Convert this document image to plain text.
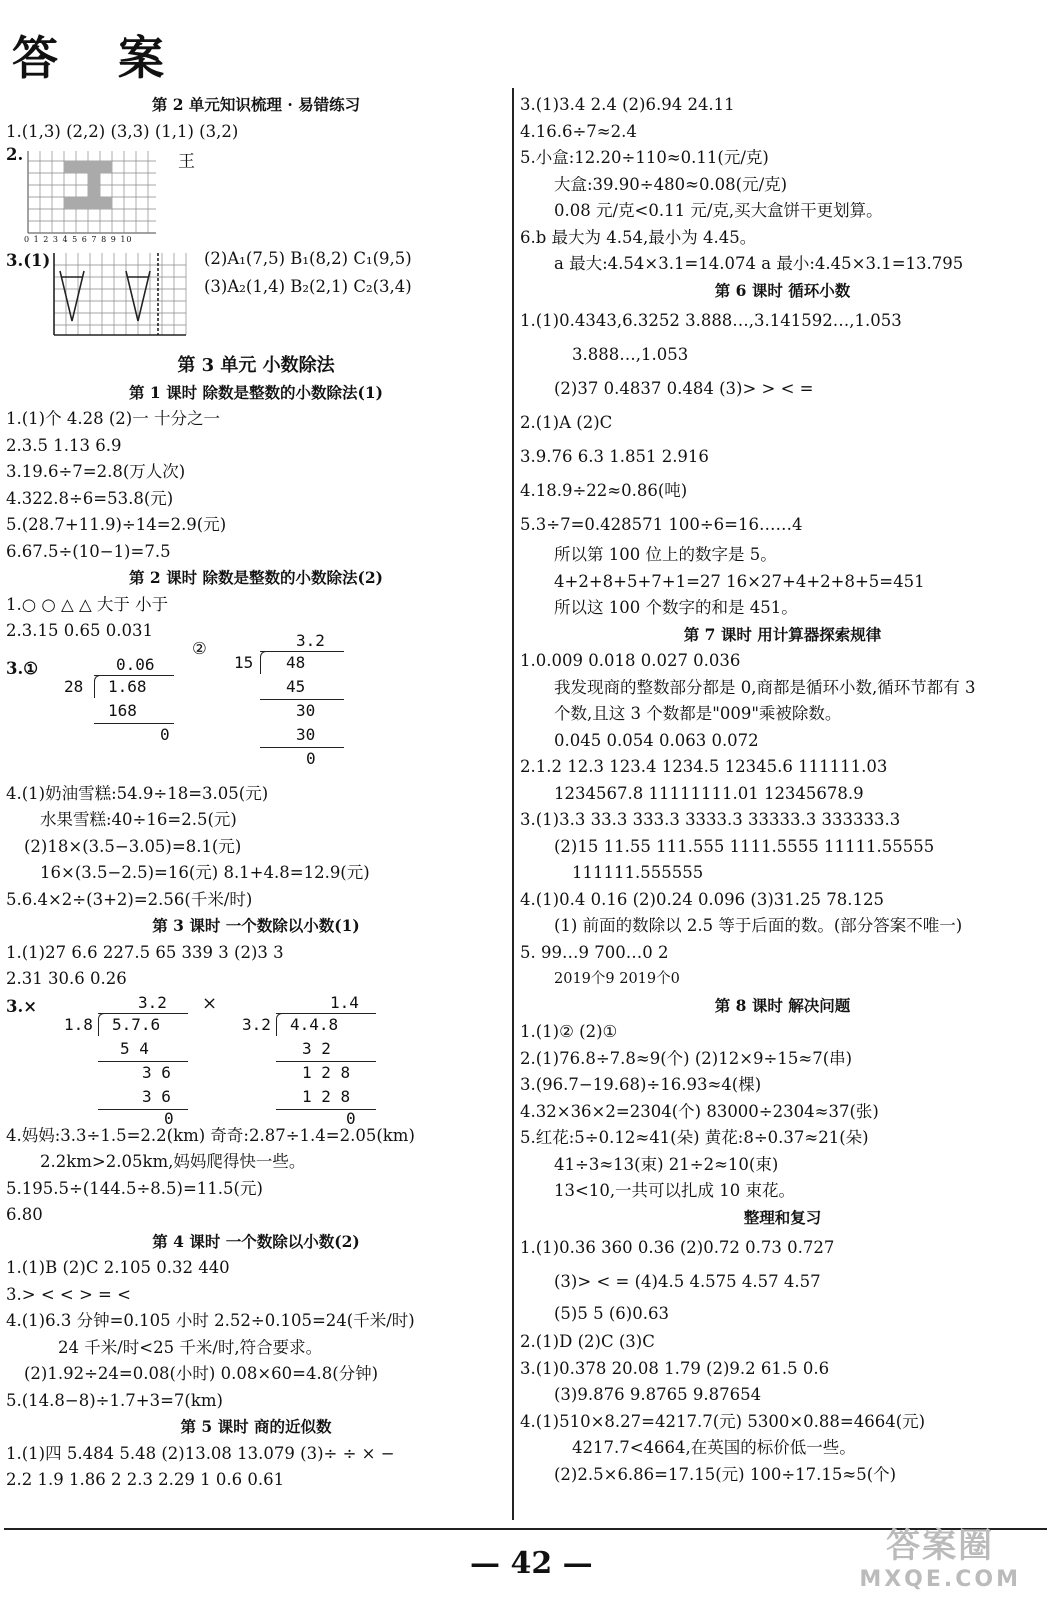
答 案
第 2 单元知识梳理 · 易错练习
1.(1,3) (2,2) (3,3) (1,1) (3,2)
2.
0 1 2 3 4 5 6 7 8 9 10
王
3.(1)	(2)A₁(7,5) B₁(8,2) C₁(9,5)
(3)A₂(1,4) B₂(2,1) C₂(3,4)
第 3 单元 小数除法
第 1 课时 除数是整数的小数除法(1)
1.(1)个 4.28 (2)一 十分之一
2.3.5 1.13 6.9
3.19.6÷7=2.8(万人次)
4.322.8÷6=53.8(元)
5.(28.7+11.9)÷14=2.9(元)
6.67.5÷(10−1)=7.5
第 2 课时 除数是整数的小数除法(2)
1.○ ○ △ △ 大于 小于
2.3.15 0.65 0.031
3.①
②
0.06
28 1.68
168
0
3.2
15 48
45
30
30
0
4.(1)奶油雪糕:54.9÷18=3.05(元)
水果雪糕:40÷16=2.5(元)
(2)18×(3.5−3.05)=8.1(元)
16×(3.5−2.5)=16(元) 8.1+4.8=12.9(元)
5.6.4×2÷(3+2)=2.56(千米/时)
第 3 课时 一个数除以小数(1)
1.(1)27 6.6 227.5 65 339 3 (2)3 3
2.31 30.6 0.26
3.×	×
3.2
1.8 5.7.6
5 4
3 6
3 6
0
1.4
3.2 4.4.8
3 2
1 2 8
1 2 8
0
4.妈妈:3.3÷1.5=2.2(km) 奇奇:2.87÷1.4=2.05(km)
2.2km>2.05km,妈妈爬得快一些。
5.195.5÷(144.5÷8.5)=11.5(元)
6.80
第 4 课时 一个数除以小数(2)
1.(1)B (2)C 2.105 0.32 440
3.> < < > = <
4.(1)6.3 分钟=0.105 小时 2.52÷0.105=24(千米/时)
24 千米/时<25 千米/时,符合要求。
(2)1.92÷24=0.08(小时) 0.08×60=4.8(分钟)
5.(14.8−8)÷1.7+3=7(km)
第 5 课时 商的近似数
1.(1)四 5.484 5.48 (2)13.08 13.079 (3)÷ ÷ × −
2.2 1.9 1.86 2 2.3 2.29 1 0.6 0.61
3.(1)3.4 2.4 (2)6.94 24.11
4.16.6÷7≈2.4
5.小盒:12.20÷110≈0.11(元/克)
大盒:39.90÷480≈0.08(元/克)
0.08 元/克<0.11 元/克,买大盒饼干更划算。
6.b 最大为 4.54,最小为 4.45。
a 最大:4.54×3.1=14.074 a 最小:4.45×3.1=13.795
第 6 课时 循环小数
1.(1)0.4343,6.3252 3.888…,3.141592…,1.053
3.888…,1.053
(2)37 0.4837 0.484 (3)> > < =
2.(1)A (2)C
3.9.76 6.3 1.851 2.916
4.18.9÷22≈0.86(吨)
5.3÷7=0.428571 100÷6=16……4
所以第 100 位上的数字是 5。
4+2+8+5+7+1=27 16×27+4+2+8+5=451
所以这 100 个数字的和是 451。
第 7 课时 用计算器探索规律
1.0.009 0.018 0.027 0.036
我发现商的整数部分都是 0,商都是循环小数,循环节都有 3
个数,且这 3 个数都是"009"乘被除数。
0.045 0.054 0.063 0.072
2.1.2 12.3 123.4 1234.5 12345.6 111111.03
1234567.8 11111111.01 12345678.9
3.(1)3.3 33.3 333.3 3333.3 33333.3 333333.3
(2)15 11.55 111.555 1111.5555 11111.55555
111111.555555
4.(1)0.4 0.16 (2)0.24 0.096 (3)31.25 78.125
(1) 前面的数除以 2.5 等于后面的数。(部分答案不唯一)
5. 99…9 700…0 2
2019个9 2019个0
第 8 课时 解决问题
1.(1)② (2)①
2.(1)76.8÷7.8≈9(个) (2)12×9÷15≈7(串)
3.(96.7−19.68)÷16.93≈4(棵)
4.32×36×2=2304(个) 83000÷2304≈37(张)
5.红花:5÷0.12≈41(朵) 黄花:8÷0.37≈21(朵)
41÷3≈13(束) 21÷2≈10(束)
13<10,一共可以扎成 10 束花。
整理和复习
1.(1)0.36 360 0.36 (2)0.72 0.73 0.727
(3)> < = (4)4.5 4.575 4.57 4.57
(5)5 5 (6)0.63
2.(1)D (2)C (3)C
3.(1)0.378 20.08 1.79 (2)9.2 61.5 0.6
(3)9.876 9.8765 9.87654
4.(1)510×8.27=4217.7(元) 5300×0.88=4664(元)
4217.7<4664,在英国的标价低一些。
(2)2.5×6.86=17.15(元) 100÷17.15≈5(个)
— 42 —	答案圈
MXQE.COM
